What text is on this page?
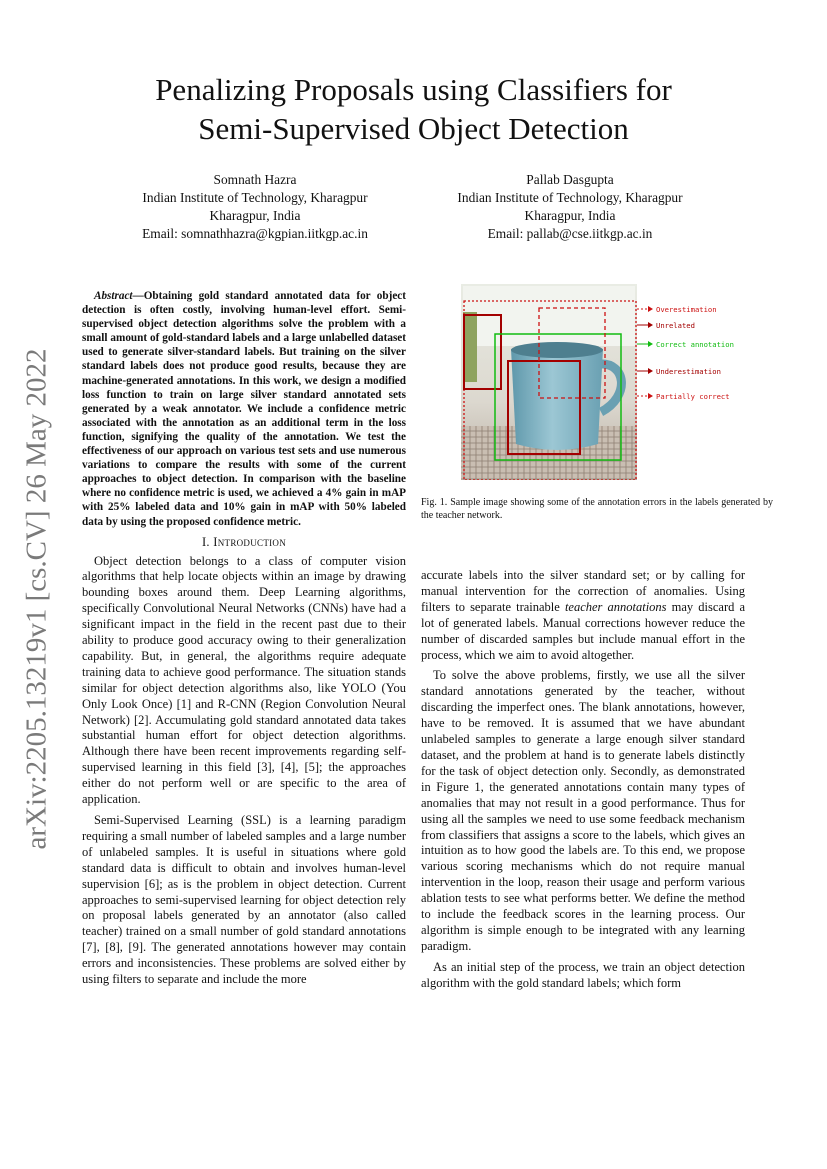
Penalizing Proposals using Classifiers for
Semi-Supervised Object Detection
Somnath Hazra
Indian Institute of Technology, Kharagpur
Kharagpur, India
Email: somnathhazra@kgpian.iitkgp.ac.in
Pallab Dasgupta
Indian Institute of Technology, Kharagpur
Kharagpur, India
Email: pallab@cse.iitkgp.ac.in
arXiv:2205.13219v1 [cs.CV] 26 May 2022

Abstract—Obtaining gold standard annotated data for object detection is often costly, involving human-level effort. Semi-supervised object detection algorithms solve the problem with a small amount of gold-standard labels and a large unlabelled dataset used to generate silver-standard labels. But training on the silver standard labels does not produce good results, because they are machine-generated annotations. In this work, we design a modified loss function to train on large silver standard annotated sets generated by a weak annotator. We include a confidence metric associated with the annotation as an additional term in the loss function, signifying the quality of the annotation. We test the effectiveness of our approach on various test sets and use numerous variations to compare the results with some of the current approaches to object detection. In comparison with the baseline where no confidence metric is used, we achieved a 4% gain in mAP with 25% labeled data and 10% gain in mAP with 50% labeled data by using the proposed confidence metric.

I. Introduction

Object detection belongs to a class of computer vision algorithms that help locate objects within an image by drawing bounding boxes around them. Deep Learning algorithms, specifically Convolutional Neural Networks (CNNs) have had a significant impact in the field in the recent past due to their ability to produce good accuracy owing to their generalization capability. But, in general, the algorithms require adequate training data to achieve good performance. The situation stands similar for object detection algorithms also, like YOLO (You Only Look Once) [1] and R-CNN (Region Convolution Neural Network) [2]. Accumulating gold standard annotated data takes substantial human effort for object detection algorithms. Although there have been recent improvements regarding self-supervised learning in this field [3], [4], [5]; the approaches either do not perform well or are specific to the area of application.

Semi-Supervised Learning (SSL) is a learning paradigm requiring a small number of labeled samples and a large number of unlabeled samples. It is useful in situations where gold standard data is difficult to obtain and involves human-level supervision [6]; as is the problem in object detection. Current approaches to semi-supervised learning for object detection rely on proposal labels generated by an annotator (also called teacher) trained on a small number of gold standard annotations [7], [8], [9]. The generated annotations however may contain errors and inconsistencies. These problems are solved either by using filters to separate and include the more

Overestimation
Unrelated
Correct annotation
Underestimation
Partially correct
Fig. 1. Sample image showing some of the annotation errors in the labels generated by the teacher network.

accurate labels into the silver standard set; or by calling for manual intervention for the correction of anomalies. Using filters to separate trainable teacher annotations may discard a lot of generated labels. Manual corrections however reduce the number of discarded samples but include manual effort in the process, which we aim to avoid altogether.

To solve the above problems, firstly, we use all the silver standard annotations generated by the teacher, without discarding the imperfect ones. The blank annotations, however, have to be removed. It is assumed that we have abundant unlabeled samples to generate a large enough silver standard dataset, and the problem at hand is to generate labels distinctly for the task of object detection only. Secondly, as demonstrated in Figure 1, the generated annotations contain many types of anomalies that may not result in a good performance. Thus for using all the samples we need to use some feedback mechanism from classifiers that assigns a score to the labels, which gives an intuition as to how good the labels are. To this end, we propose various scoring mechanisms which do not require manual intervention in the loop, reason their usage and perform various ablation tests to see what performs better. We define the method to include the feedback scores in the learning process. Our algorithm is simple enough to be integrated with any learning paradigm.

As an initial step of the process, we train an object detection algorithm with the gold standard labels; which form
